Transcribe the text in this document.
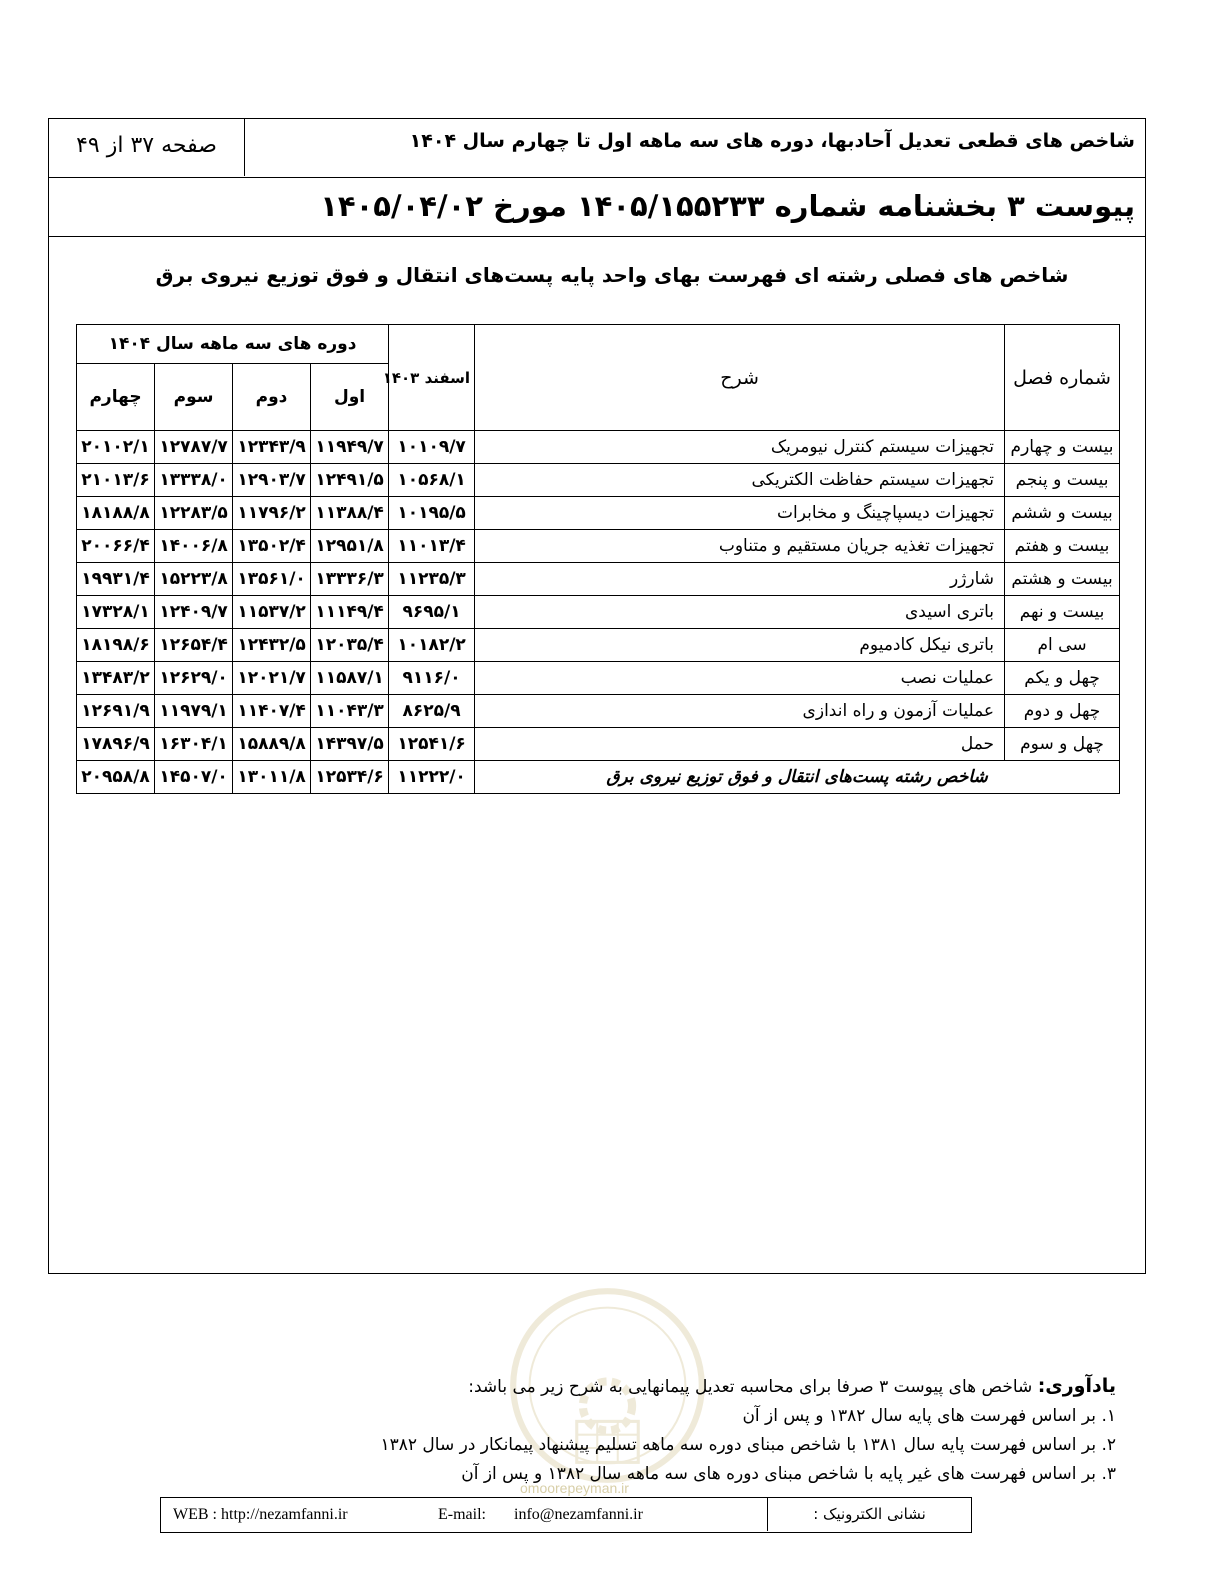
شاخص های قطعی تعدیل آحادبها، دوره های سه ماهه اول تا چهارم سال ۱۴۰۴
صفحه ۳۷ از ۴۹
پیوست ۳ بخشنامه شماره ۱۴۰۵/۱۵۵۲۳۳ مورخ ۱۴۰۵/۰۴/۰۲
شاخص های فصلی رشته ای فهرست بهای واحد پایه پست‌های انتقال و فوق توزیع نیروی برق
شماره فصل	شرح	اسفند ۱۴۰۳	دوره های سه ماهه سال ۱۴۰۴			
			اول	دوم	سوم	چهارم
بیست و چهارم	تجهیزات سیستم کنترل نیومریک	۱۰۱۰۹/۷	۱۱۹۴۹/۷	۱۲۳۴۳/۹	۱۲۷۸۷/۷	۲۰۱۰۲/۱
بیست و پنجم	تجهیزات سیستم حفاظت الکتریکی	۱۰۵۶۸/۱	۱۲۴۹۱/۵	۱۲۹۰۳/۷	۱۳۳۳۸/۰	۲۱۰۱۳/۶
بیست و ششم	تجهیزات دیسپاچینگ و مخابرات	۱۰۱۹۵/۵	۱۱۳۸۸/۴	۱۱۷۹۶/۲	۱۲۲۸۳/۵	۱۸۱۸۸/۸
بیست و هفتم	تجهیزات تغذیه جریان مستقیم و متناوب	۱۱۰۱۳/۴	۱۲۹۵۱/۸	۱۳۵۰۲/۴	۱۴۰۰۶/۸	۲۰۰۶۶/۴
بیست و هشتم	شارژر	۱۱۲۳۵/۳	۱۳۳۳۶/۳	۱۳۵۶۱/۰	۱۵۲۲۳/۸	۱۹۹۳۱/۴
بیست و نهم	باتری اسیدی	۹۶۹۵/۱	۱۱۱۴۹/۴	۱۱۵۳۷/۲	۱۲۴۰۹/۷	۱۷۳۲۸/۱
سی ام	باتری نیکل کادمیوم	۱۰۱۸۲/۲	۱۲۰۳۵/۴	۱۲۴۳۲/۵	۱۲۶۵۴/۴	۱۸۱۹۸/۶
چهل و یکم	عملیات نصب	۹۱۱۶/۰	۱۱۵۸۷/۱	۱۲۰۲۱/۷	۱۲۶۲۹/۰	۱۳۴۸۳/۲
چهل و دوم	عملیات آزمون و راه اندازی	۸۶۲۵/۹	۱۱۰۴۳/۳	۱۱۴۰۷/۴	۱۱۹۷۹/۱	۱۲۶۹۱/۹
چهل و سوم	حمل	۱۲۵۴۱/۶	۱۴۳۹۷/۵	۱۵۸۸۹/۸	۱۶۳۰۴/۱	۱۷۸۹۶/۹
شاخص رشته پست‌های انتقال و فوق توزیع نیروی برق		۱۱۲۲۲/۰	۱۲۵۳۴/۶	۱۳۰۱۱/۸	۱۴۵۰۷/۰	۲۰۹۵۸/۸
omoorepeyman.ir
یادآوری: شاخص های پیوست ۳ صرفا برای محاسبه تعدیل پیمانهایی به شرح زیر می باشد:
۱. بر اساس فهرست های پایه سال ۱۳۸۲ و پس از آن
۲. بر اساس فهرست پایه سال ۱۳۸۱ با شاخص مبنای دوره سه ماهه تسلیم پیشنهاد پیمانکار در سال ۱۳۸۲
۳. بر اساس فهرست های غیر پایه با شاخص مبنای دوره های سه ماهه سال ۱۳۸۲ و پس از آن
WEB : http://nezamfanni.ir	E-mail: info@nezamfanni.ir	نشانی الکترونیک :
